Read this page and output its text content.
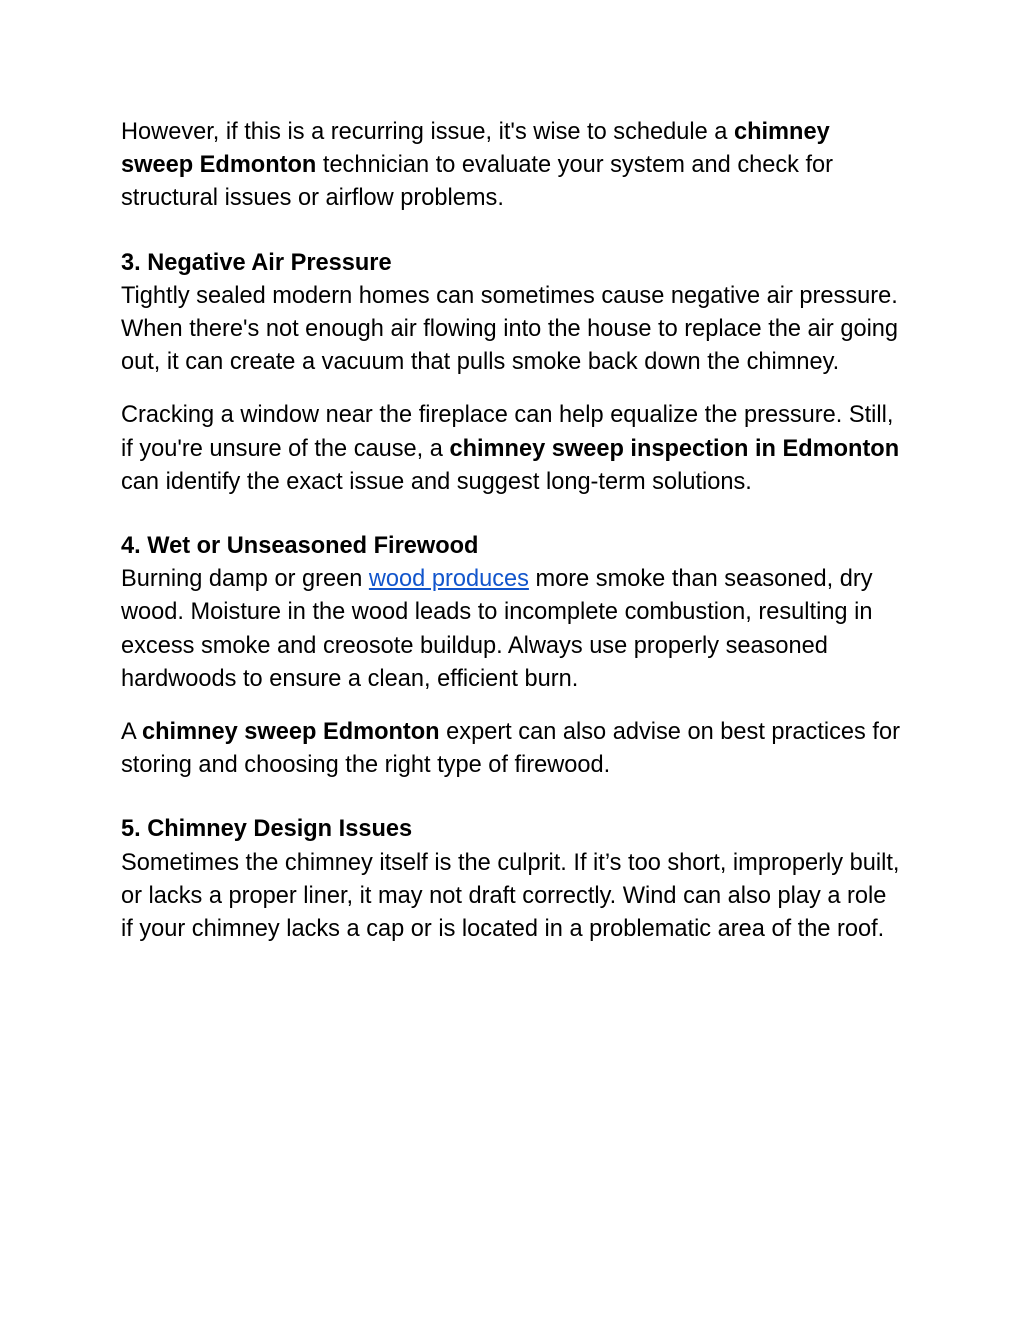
However, if this is a recurring issue, it's wise to schedule a chimney sweep Edmonton technician to evaluate your system and check for structural issues or airflow problems.

3. Negative Air Pressure

Tightly sealed modern homes can sometimes cause negative air pressure. When there's not enough air flowing into the house to replace the air going out, it can create a vacuum that pulls smoke back down the chimney.

Cracking a window near the fireplace can help equalize the pressure. Still, if you're unsure of the cause, a chimney sweep inspection in Edmonton can identify the exact issue and suggest long-term solutions.

4. Wet or Unseasoned Firewood

Burning damp or green wood produces more smoke than seasoned, dry wood. Moisture in the wood leads to incomplete combustion, resulting in excess smoke and creosote buildup. Always use properly seasoned hardwoods to ensure a clean, efficient burn.

A chimney sweep Edmonton expert can also advise on best practices for storing and choosing the right type of firewood.

5. Chimney Design Issues

Sometimes the chimney itself is the culprit. If it’s too short, improperly built, or lacks a proper liner, it may not draft correctly. Wind can also play a role if your chimney lacks a cap or is located in a problematic area of the roof.
